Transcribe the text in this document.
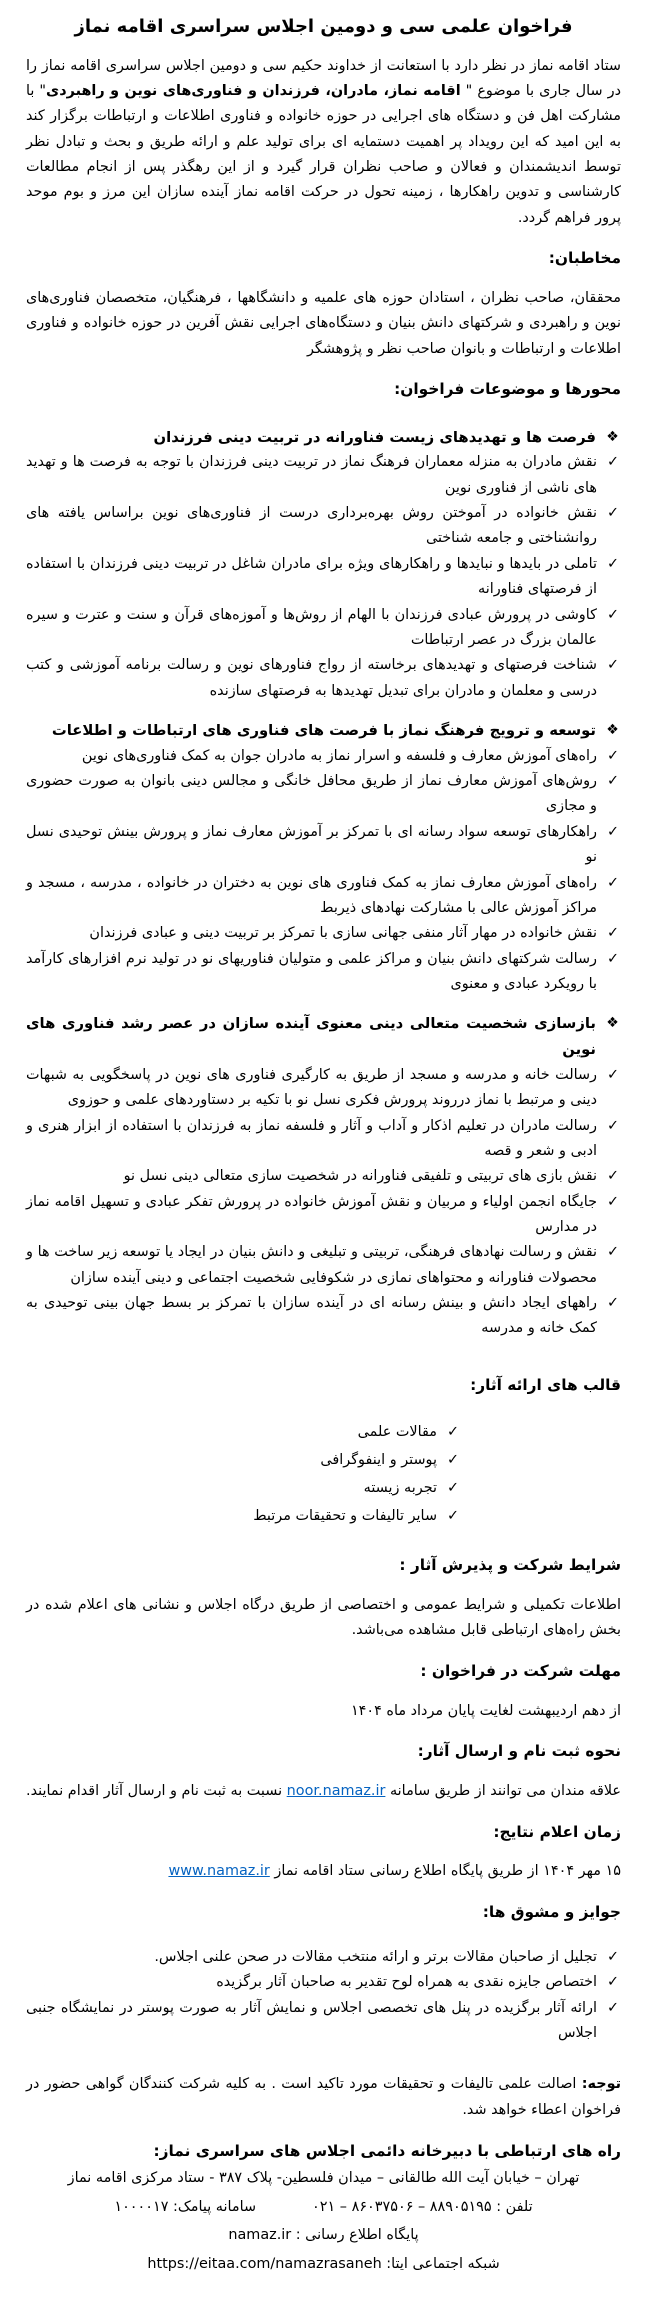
فراخوان علمی سی و دومین اجلاس سراسری اقامه نماز

ستاد اقامه نماز در نظر دارد با استعانت از خداوند حکیم سی و دومین اجلاس سراسری اقامه نماز را در سال جاری با موضوع " اقامه نماز، مادران، فرزندان و فناوری‌های نوین و راهبردی" با مشارکت اهل فن و دستگاه های اجرایی در حوزه خانواده و فناوری اطلاعات و ارتباطات برگزار کند به این امید که این رویداد پر اهمیت دستمایه ای برای تولید علم و ارائه طریق و بحث و تبادل نظر توسط اندیشمندان و فعالان و صاحب نظران قرار گیرد و از این رهگذر پس از انجام مطالعات کارشناسی و تدوین راهکارها ، زمینه تحول در حرکت اقامه نماز آینده سازان این مرز و بوم موحد پرور فراهم گردد.

مخاطبان:

محققان، صاحب نظران ، استادان حوزه های علمیه و دانشگاهها ، فرهنگیان، متخصصان فناوری‌های نوین و راهبردی و شرکتهای دانش بنیان و دستگاه‌های اجرایی نقش آفرین در حوزه خانواده و فناوری اطلاعات و ارتباطات و بانوان صاحب نظر و پژوهشگر

محورها و موضوعات فراخوان:
❖
فرصت ها و تهدیدهای زیست فناورانه در تربیت دینی فرزندان
✓
نقش مادران به منزله معماران فرهنگ نماز در تربیت دینی فرزندان با توجه به فرصت ها و تهدید های ناشی از فناوری نوین
✓
نقش خانواده در آموختن روش بهره‌برداری درست از فناوری‌های نوین براساس یافته های روانشناختی و جامعه شناختی
✓
تاملی در بایدها و نبایدها و راهکارهای ویژه برای مادران شاغل در تربیت دینی فرزندان با استفاده از فرصتهای فناورانه
✓
کاوشی در پرورش عبادی فرزندان با الهام از روش‌ها و آموزه‌های قرآن و سنت و عترت و سیره عالمان بزرگ در عصر ارتباطات
✓
شناخت فرصتهای و تهدیدهای برخاسته از رواج فناورهای نوین و رسالت برنامه آموزشی و کتب درسی و معلمان و مادران برای تبدیل تهدیدها به فرصتهای سازنده
❖
توسعه و ترویج فرهنگ نماز با فرصت های فناوری های ارتباطات و اطلاعات
✓
راه‌های آموزش معارف و فلسفه و اسرار نماز به مادران جوان به کمک فناوری‌های نوین
✓
روش‌های آموزش معارف نماز از طریق محافل خانگی و مجالس دینی بانوان به صورت حضوری و مجازی
✓
راهکارهای توسعه سواد رسانه ای با تمرکز بر آموزش معارف نماز و پرورش بینش توحیدی نسل نو
✓
راه‌های آموزش معارف نماز به کمک فناوری های نوین به دختران در خانواده ، مدرسه ، مسجد و مراکز آموزش عالی با مشارکت نهادهای ذیربط
✓
نقش خانواده در مهار آثار منفی جهانی سازی با تمرکز بر تربیت دینی و عبادی فرزندان
✓
رسالت شرکتهای دانش بنیان و مراکز علمی و متولیان فناوریهای نو در تولید نرم افزارهای کارآمد با رویکرد عبادی و معنوی
❖
بازسازی شخصیت متعالی دینی معنوی آینده سازان در عصر رشد فناوری های نوین
✓
رسالت خانه و مدرسه و مسجد از طریق به کارگیری فناوری های نوین در پاسخگویی به شبهات دینی و مرتبط با نماز درروند پرورش فکری نسل نو با تکیه بر دستاوردهای علمی و حوزوی
✓
رسالت مادران در تعلیم اذکار و آداب و آثار و فلسفه نماز به فرزندان با استفاده از ابزار هنری و ادبی و شعر و قصه
✓
نقش بازی های تربیتی و تلفیقی فناورانه در شخصیت سازی متعالی دینی نسل نو
✓
جایگاه انجمن اولیاء و مربیان و نقش آموزش خانواده در پرورش تفکر عبادی و تسهیل اقامه نماز در مدارس
✓
نقش و رسالت نهادهای فرهنگی، تربیتی و تبلیغی و دانش بنیان در ایجاد یا توسعه زیر ساخت ها و محصولات فناورانه و محتواهای نمازی در شکوفایی شخصیت اجتماعی و دینی آینده سازان
✓
راههای ایجاد دانش و بینش رسانه ای در آینده سازان با تمرکز بر بسط جهان بینی توحیدی به کمک خانه و مدرسه
قالب های ارائه آثار:
✓
مقالات علمی
✓
پوستر و اینفوگرافی
✓
تجربه زیسته
✓
سایر تالیفات و تحقیقات مرتبط
شرایط شرکت و پذیرش آثار :

اطلاعات تکمیلی و شرایط عمومی و اختصاصی از طریق درگاه اجلاس و نشانی های اعلام شده در بخش راه‌های ارتباطی قابل مشاهده می‌باشد.

مهلت شرکت در فراخوان :

از دهم اردیبهشت لغایت پایان مرداد ماه ۱۴۰۴

نحوه ثبت نام و ارسال آثار:

علاقه مندان می توانند از طریق سامانه noor.namaz.ir نسبت به ثبت نام و ارسال آثار اقدام نمایند.

زمان اعلام نتایج:

۱۵ مهر ۱۴۰۴ از طریق پایگاه اطلاع رسانی ستاد اقامه نماز www.namaz.ir

جوایز و مشوق ها:
✓
تجلیل از صاحبان مقالات برتر و ارائه منتخب مقالات در صحن علنی اجلاس.
✓
اختصاص جایزه نقدی به همراه لوح تقدیر به صاحبان آثار برگزیده
✓
ارائه آثار برگزیده در پنل های تخصصی اجلاس و نمایش آثار به صورت پوستر در نمایشگاه جنبی اجلاس

توجه: اصالت علمی تالیفات و تحقیقات مورد تاکید است . به کلیه شرکت کنندگان گواهی حضور در فراخوان اعطاء خواهد شد.

راه های ارتباطی با دبیرخانه دائمی اجلاس های سراسری نماز:
تهران – خیابان آیت الله طالقانی – میدان فلسطین- پلاک ۳۸۷ - ستاد مرکزی اقامه نماز
تلفن : ۸۸۹۰۵۱۹۵ – ۸۶۰۳۷۵۰۶ – ۰۲۱سامانه پیامک: ۱۰۰۰۰۱۷
پایگاه اطلاع رسانی : namaz.ir
شبکه اجتماعی ایتا: https://eitaa.com/namazrasaneh
